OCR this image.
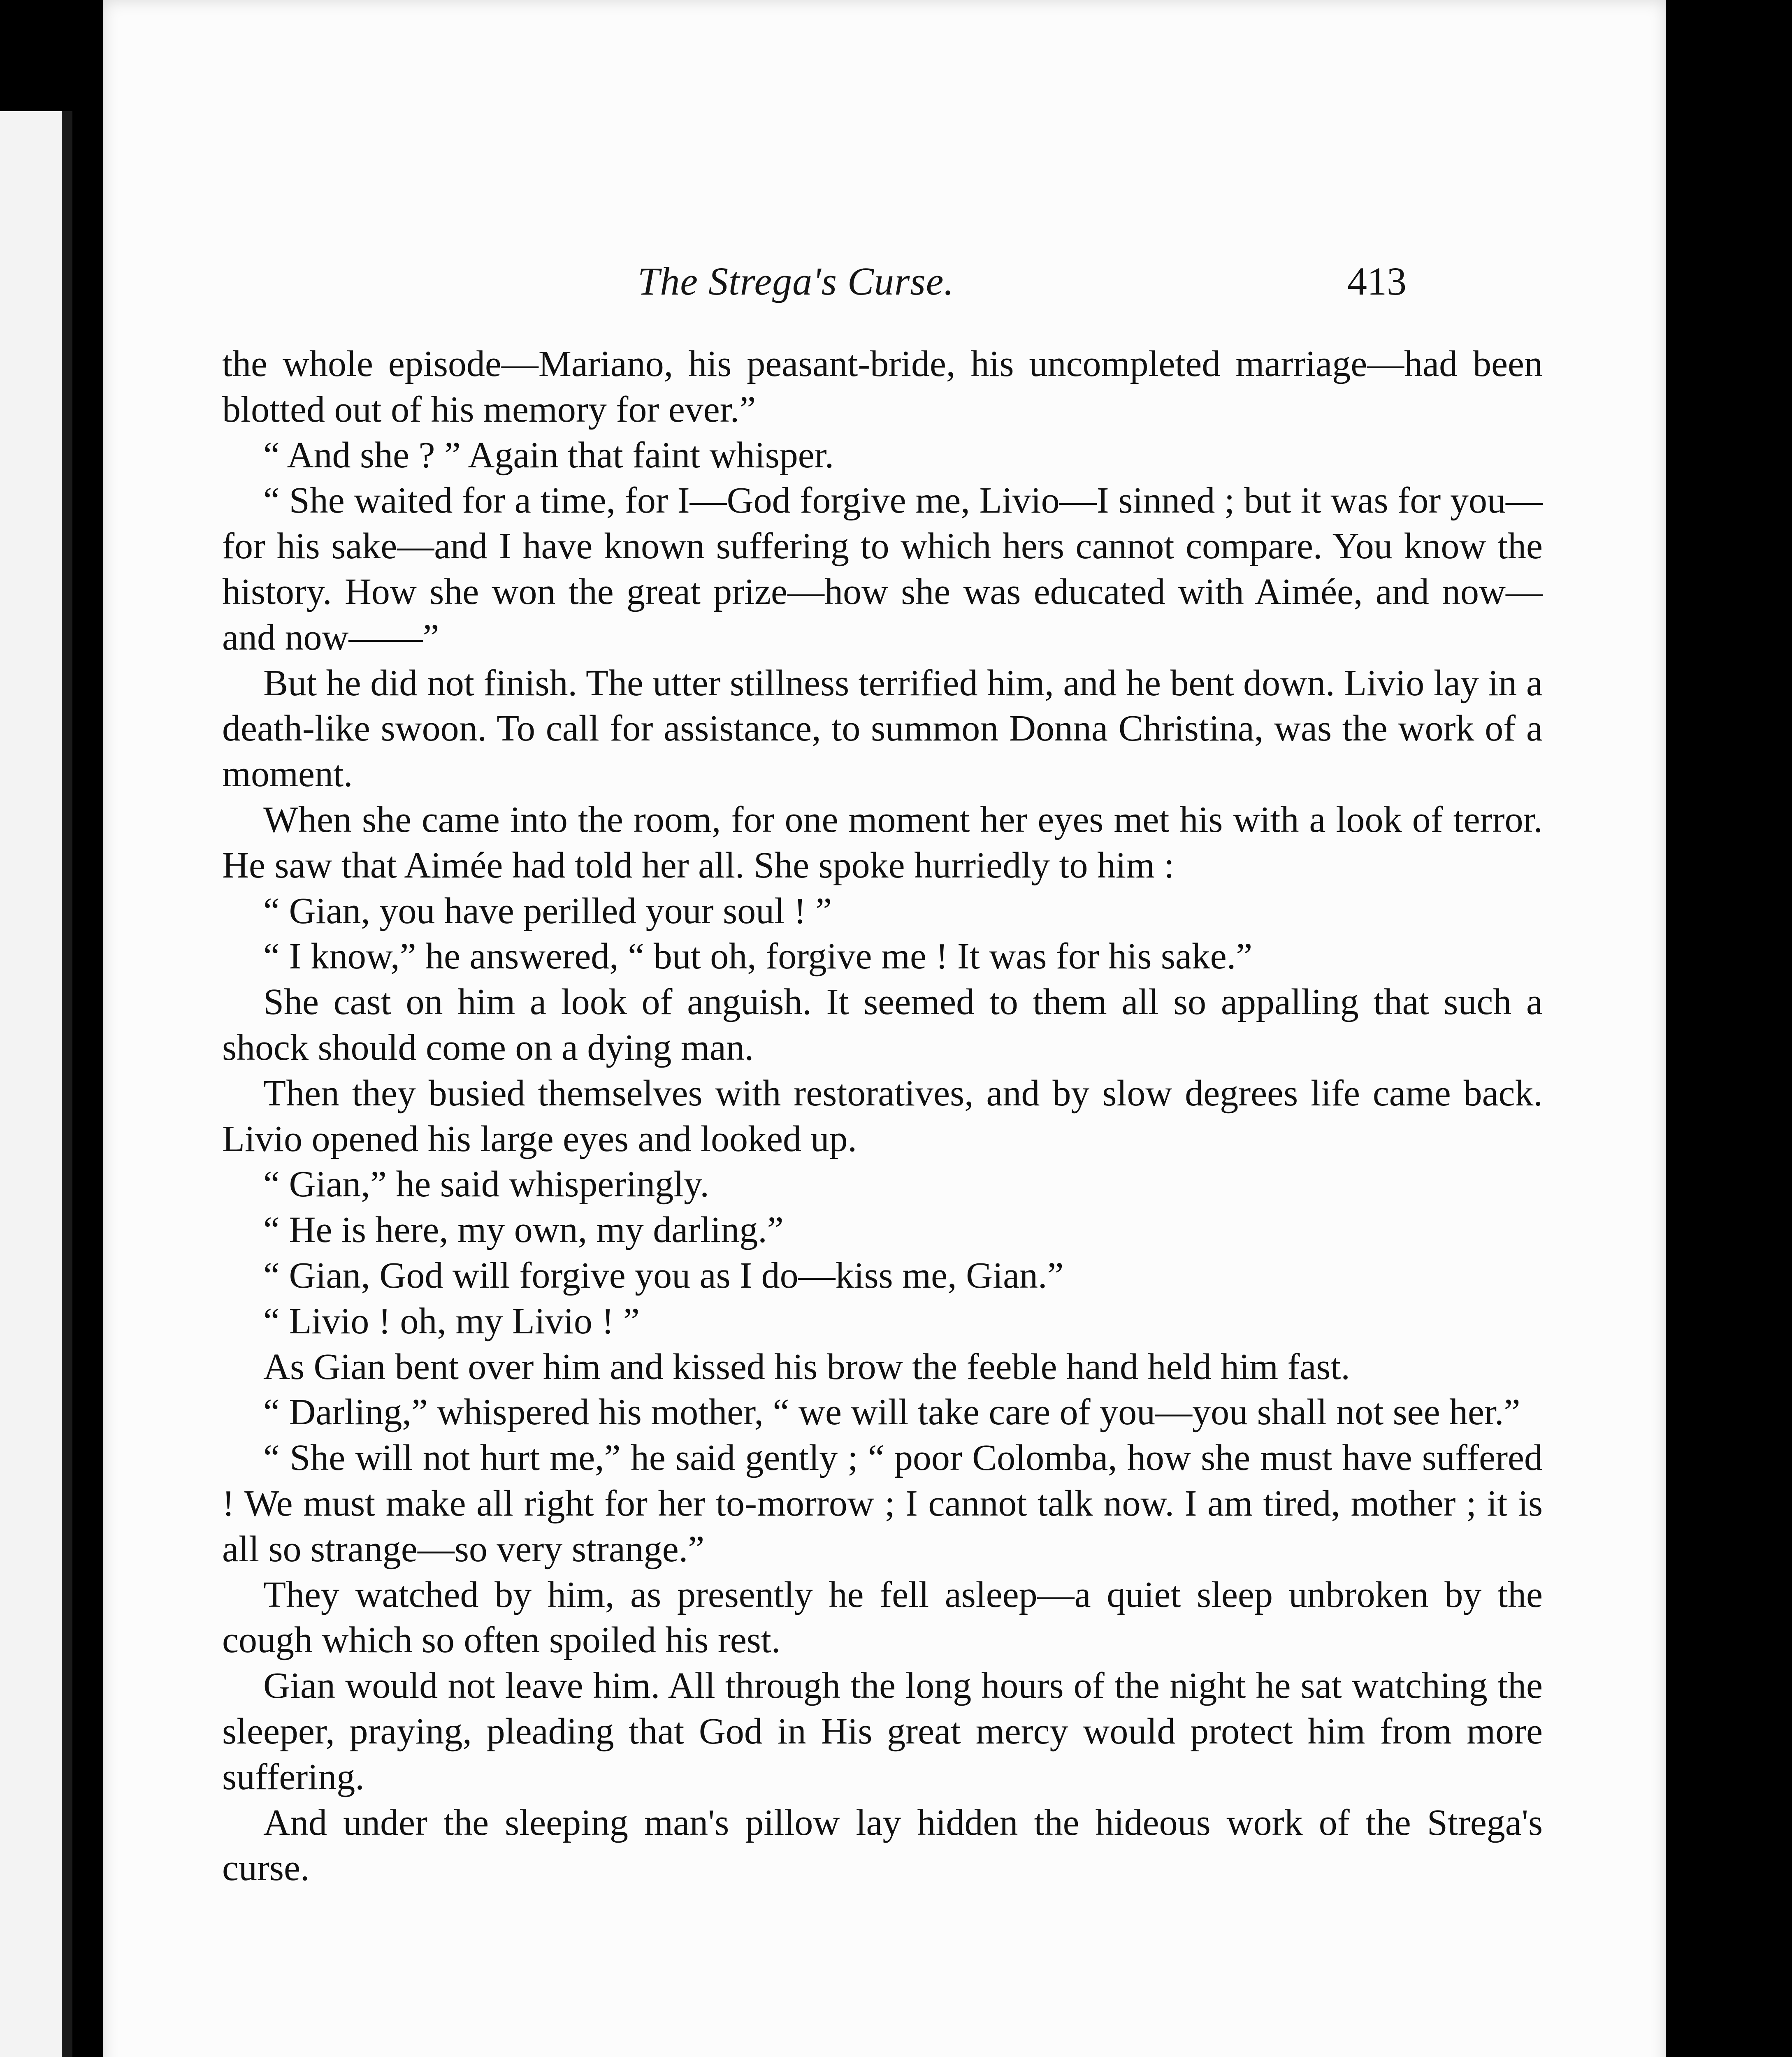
The Strega's Curse.	413

the whole episode—Mariano, his peasant-bride, his uncompleted marriage—had been blotted out of his memory for ever.”

“ And she ? ” Again that faint whisper.

“ She waited for a time, for I—God forgive me, Livio—I sinned ; but it was for you—for his sake—and I have known suffering to which hers cannot compare. You know the history. How she won the great prize—how she was educated with Aimée, and now—and now——”

But he did not finish. The utter stillness terrified him, and he bent down. Livio lay in a death-like swoon. To call for assistance, to summon Donna Christina, was the work of a moment.

When she came into the room, for one moment her eyes met his with a look of terror. He saw that Aimée had told her all. She spoke hurriedly to him :

“ Gian, you have perilled your soul ! ”

“ I know,” he answered, “ but oh, forgive me ! It was for his sake.”

She cast on him a look of anguish. It seemed to them all so appalling that such a shock should come on a dying man.

Then they busied themselves with restoratives, and by slow degrees life came back. Livio opened his large eyes and looked up.

“ Gian,” he said whisperingly.

“ He is here, my own, my darling.”

“ Gian, God will forgive you as I do—kiss me, Gian.”

“ Livio ! oh, my Livio ! ”

As Gian bent over him and kissed his brow the feeble hand held him fast.

“ Darling,” whispered his mother, “ we will take care of you—you shall not see her.”

“ She will not hurt me,” he said gently ; “ poor Colomba, how she must have suffered ! We must make all right for her to-morrow ; I cannot talk now. I am tired, mother ; it is all so strange—so very strange.”

They watched by him, as presently he fell asleep—a quiet sleep unbroken by the cough which so often spoiled his rest.

Gian would not leave him. All through the long hours of the night he sat watching the sleeper, praying, pleading that God in His great mercy would protect him from more suffering.

And under the sleeping man's pillow lay hidden the hideous work of the Strega's curse.
